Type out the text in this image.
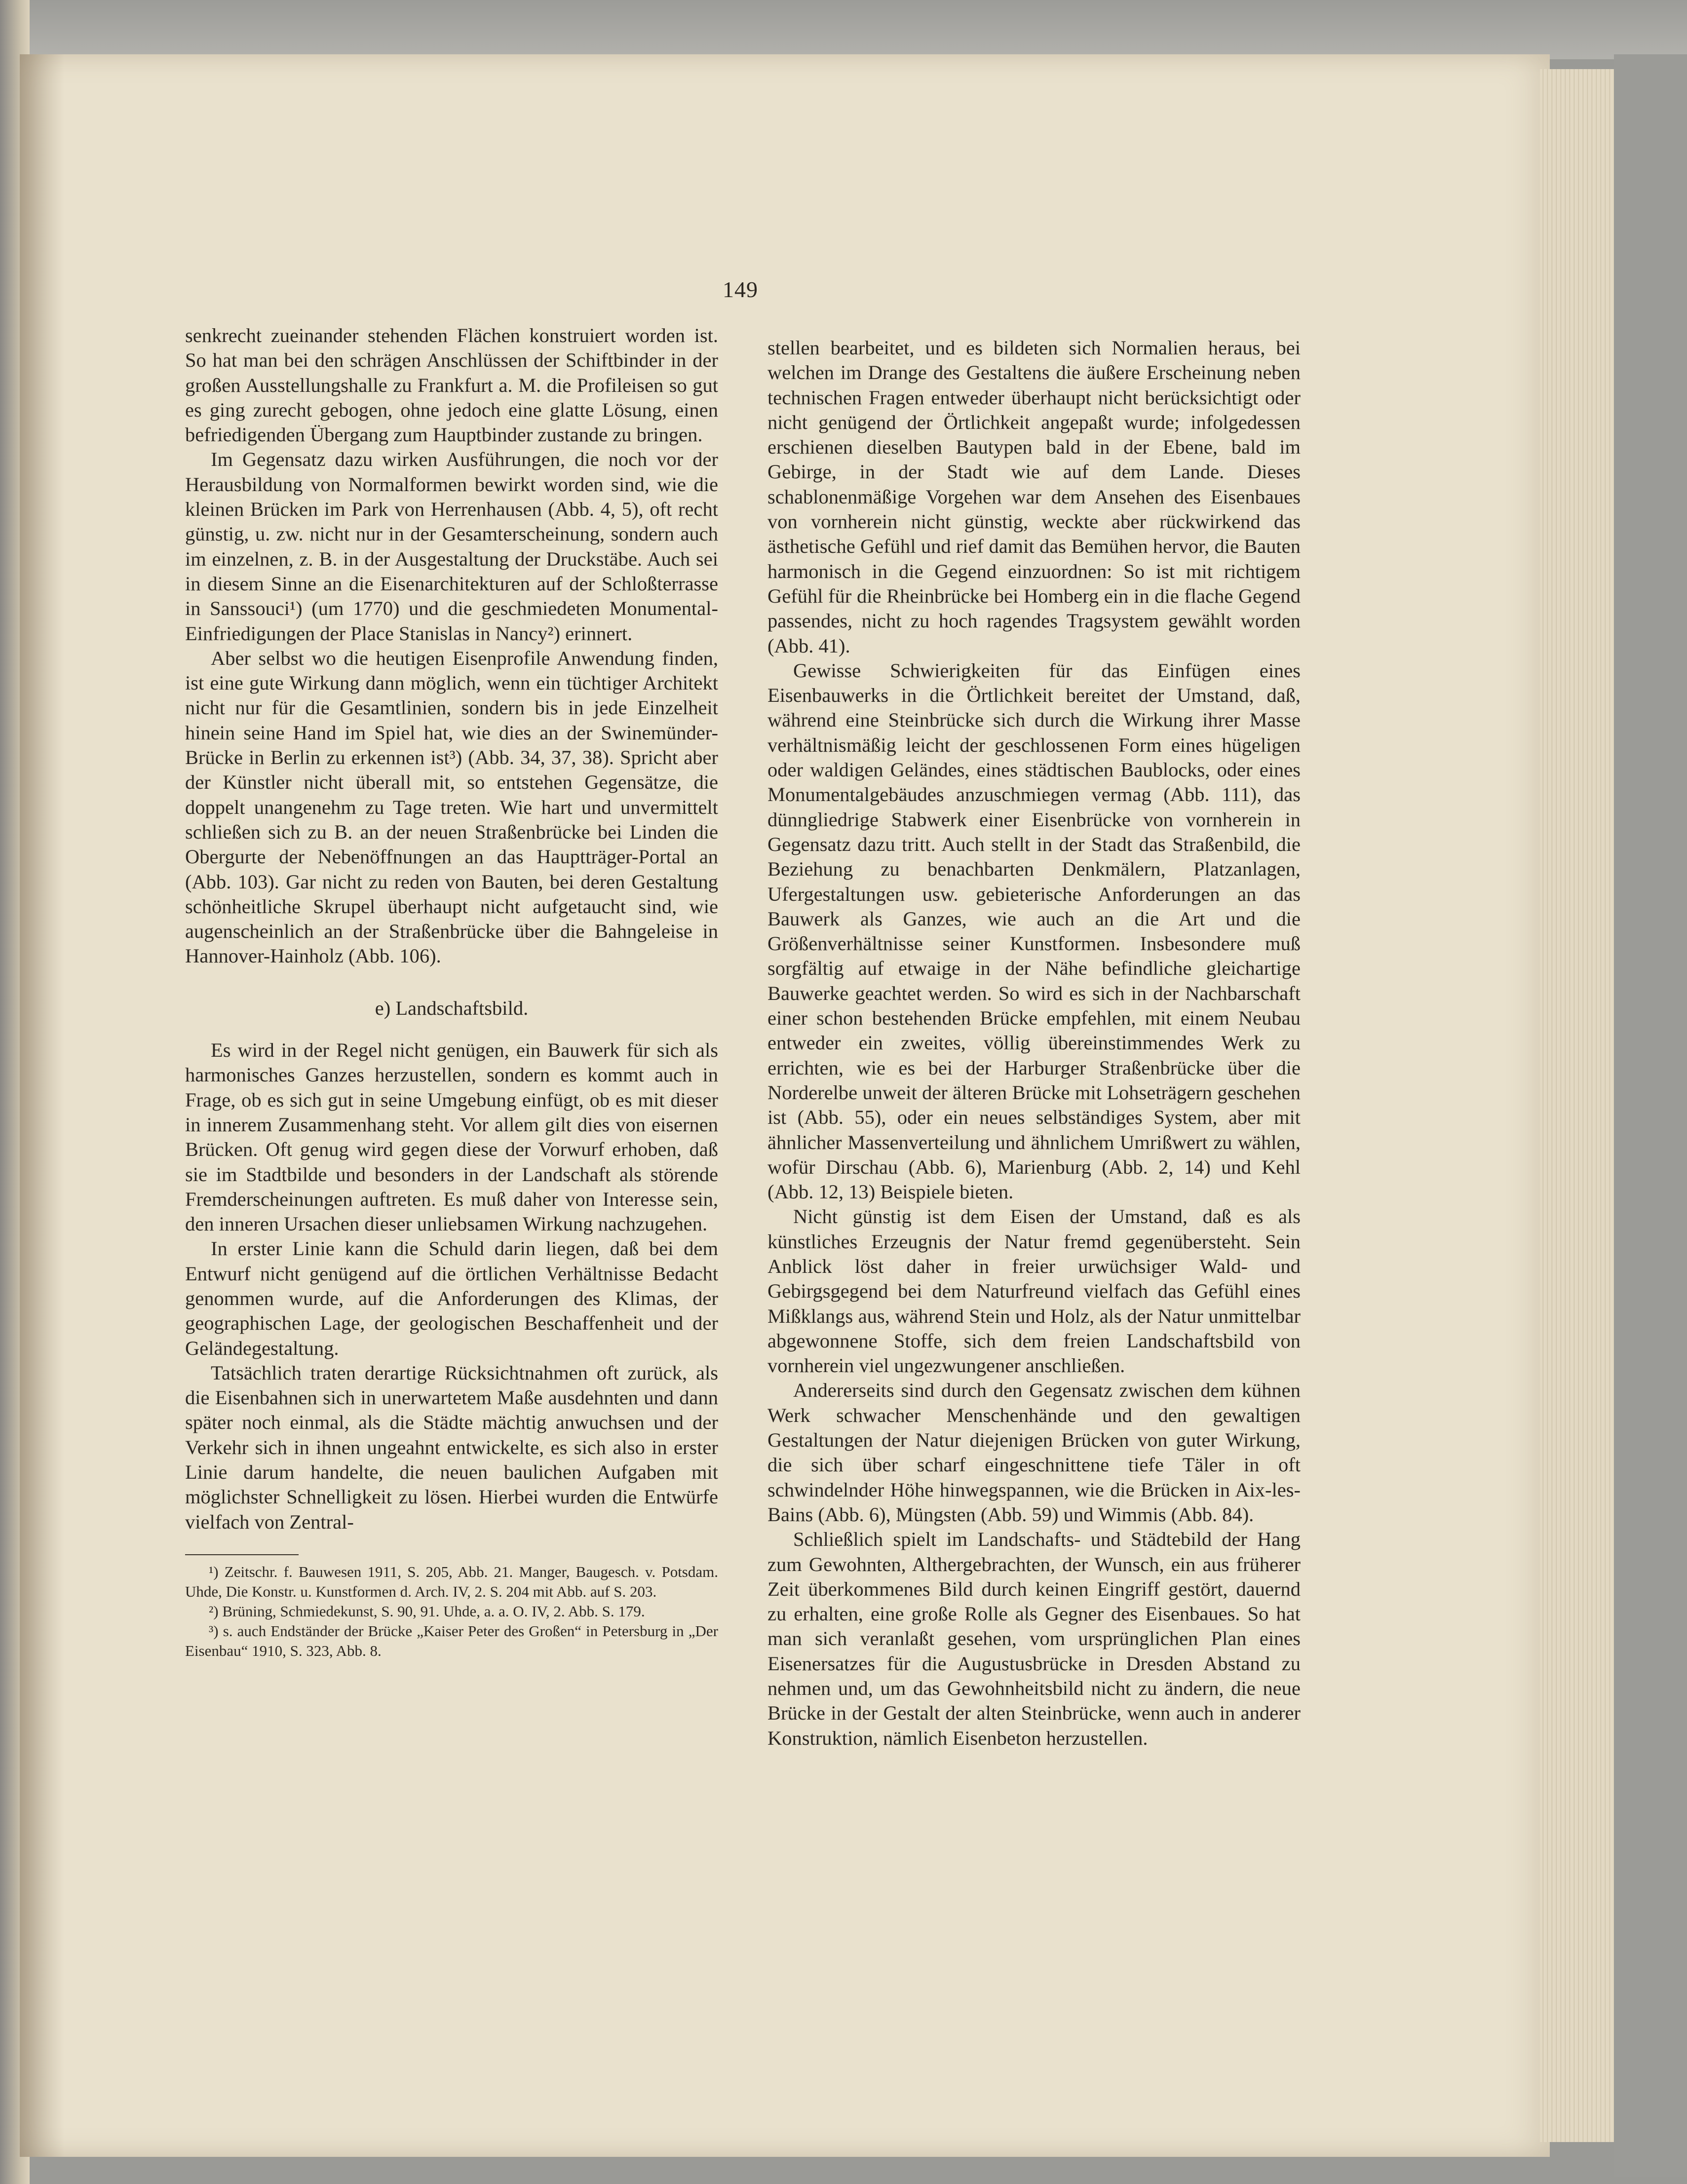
149

senkrecht zueinander stehenden Flächen konstruiert worden ist. So hat man bei den schrägen Anschlüssen der Schiftbinder in der großen Ausstellungshalle zu Frankfurt a. M. die Profileisen so gut es ging zurecht gebogen, ohne jedoch eine glatte Lösung, einen befriedigenden Übergang zum Hauptbinder zustande zu bringen.

Im Gegensatz dazu wirken Ausführungen, die noch vor der Herausbildung von Normalformen bewirkt worden sind, wie die kleinen Brücken im Park von Herrenhausen (Abb. 4, 5), oft recht günstig, u. zw. nicht nur in der Gesamterscheinung, sondern auch im einzelnen, z. B. in der Ausgestaltung der Druckstäbe. Auch sei in diesem Sinne an die Eisenarchitekturen auf der Schloßterrasse in Sanssouci¹) (um 1770) und die geschmiedeten Monumental-Einfriedigungen der Place Stanislas in Nancy²) erinnert.

Aber selbst wo die heutigen Eisenprofile Anwendung finden, ist eine gute Wirkung dann möglich, wenn ein tüchtiger Architekt nicht nur für die Gesamtlinien, sondern bis in jede Einzelheit hinein seine Hand im Spiel hat, wie dies an der Swinemünder-Brücke in Berlin zu erkennen ist³) (Abb. 34, 37, 38). Spricht aber der Künstler nicht überall mit, so entstehen Gegensätze, die doppelt unangenehm zu Tage treten. Wie hart und unvermittelt schließen sich zu B. an der neuen Straßenbrücke bei Linden die Obergurte der Nebenöffnungen an das Hauptträger-Portal an (Abb. 103). Gar nicht zu reden von Bauten, bei deren Gestaltung schönheitliche Skrupel überhaupt nicht aufgetaucht sind, wie augenscheinlich an der Straßenbrücke über die Bahngeleise in Hannover-Hainholz (Abb. 106).

e) Landschaftsbild.

Es wird in der Regel nicht genügen, ein Bauwerk für sich als harmonisches Ganzes herzustellen, sondern es kommt auch in Frage, ob es sich gut in seine Umgebung einfügt, ob es mit dieser in innerem Zusammenhang steht. Vor allem gilt dies von eisernen Brücken. Oft genug wird gegen diese der Vorwurf erhoben, daß sie im Stadtbilde und besonders in der Landschaft als störende Fremderscheinungen auftreten. Es muß daher von Interesse sein, den inneren Ursachen dieser unliebsamen Wirkung nachzugehen.

In erster Linie kann die Schuld darin liegen, daß bei dem Entwurf nicht genügend auf die örtlichen Verhältnisse Bedacht genommen wurde, auf die Anforderungen des Klimas, der geographischen Lage, der geologischen Beschaffenheit und der Geländegestaltung.

Tatsächlich traten derartige Rücksichtnahmen oft zurück, als die Eisenbahnen sich in unerwartetem Maße ausdehnten und dann später noch einmal, als die Städte mächtig anwuchsen und der Verkehr sich in ihnen ungeahnt entwickelte, es sich also in erster Linie darum handelte, die neuen baulichen Aufgaben mit möglichster Schnelligkeit zu lösen. Hierbei wurden die Entwürfe vielfach von Zentral-

¹) Zeitschr. f. Bauwesen 1911, S. 205, Abb. 21. Manger, Baugesch. v. Potsdam. Uhde, Die Konstr. u. Kunstformen d. Arch. IV, 2. S. 204 mit Abb. auf S. 203.

²) Brüning, Schmiedekunst, S. 90, 91. Uhde, a. a. O. IV, 2. Abb. S. 179.

³) s. auch Endständer der Brücke „Kaiser Peter des Großen“ in Petersburg in „Der Eisenbau“ 1910, S. 323, Abb. 8.

stellen bearbeitet, und es bildeten sich Normalien heraus, bei welchen im Drange des Gestaltens die äußere Erscheinung neben technischen Fragen entweder überhaupt nicht berücksichtigt oder nicht genügend der Örtlichkeit angepaßt wurde; infolgedessen erschienen dieselben Bautypen bald in der Ebene, bald im Gebirge, in der Stadt wie auf dem Lande. Dieses schablonenmäßige Vorgehen war dem Ansehen des Eisenbaues von vornherein nicht günstig, weckte aber rückwirkend das ästhetische Gefühl und rief damit das Bemühen hervor, die Bauten harmonisch in die Gegend einzuordnen: So ist mit richtigem Gefühl für die Rheinbrücke bei Homberg ein in die flache Gegend passendes, nicht zu hoch ragendes Tragsystem gewählt worden (Abb. 41).

Gewisse Schwierigkeiten für das Einfügen eines Eisenbauwerks in die Örtlichkeit bereitet der Umstand, daß, während eine Steinbrücke sich durch die Wirkung ihrer Masse verhältnismäßig leicht der geschlossenen Form eines hügeligen oder waldigen Geländes, eines städtischen Baublocks, oder eines Monumentalgebäudes anzuschmiegen vermag (Abb. 111), das dünngliedrige Stabwerk einer Eisenbrücke von vornherein in Gegensatz dazu tritt. Auch stellt in der Stadt das Straßenbild, die Beziehung zu benachbarten Denkmälern, Platzanlagen, Ufergestaltungen usw. gebieterische Anforderungen an das Bauwerk als Ganzes, wie auch an die Art und die Größenverhältnisse seiner Kunstformen. Insbesondere muß sorgfältig auf etwaige in der Nähe befindliche gleichartige Bauwerke geachtet werden. So wird es sich in der Nachbarschaft einer schon bestehenden Brücke empfehlen, mit einem Neubau entweder ein zweites, völlig übereinstimmendes Werk zu errichten, wie es bei der Harburger Straßenbrücke über die Norderelbe unweit der älteren Brücke mit Lohseträgern geschehen ist (Abb. 55), oder ein neues selbständiges System, aber mit ähnlicher Massenverteilung und ähnlichem Umrißwert zu wählen, wofür Dirschau (Abb. 6), Marienburg (Abb. 2, 14) und Kehl (Abb. 12, 13) Beispiele bieten.

Nicht günstig ist dem Eisen der Umstand, daß es als künstliches Erzeugnis der Natur fremd gegenübersteht. Sein Anblick löst daher in freier urwüchsiger Wald- und Gebirgsgegend bei dem Naturfreund vielfach das Gefühl eines Mißklangs aus, während Stein und Holz, als der Natur unmittelbar abgewonnene Stoffe, sich dem freien Landschaftsbild von vornherein viel ungezwungener anschließen.

Andererseits sind durch den Gegensatz zwischen dem kühnen Werk schwacher Menschenhände und den gewaltigen Gestaltungen der Natur diejenigen Brücken von guter Wirkung, die sich über scharf eingeschnittene tiefe Täler in oft schwindelnder Höhe hinwegspannen, wie die Brücken in Aix-les-Bains (Abb. 6), Müngsten (Abb. 59) und Wimmis (Abb. 84).

Schließlich spielt im Landschafts- und Städtebild der Hang zum Gewohnten, Althergebrachten, der Wunsch, ein aus früherer Zeit überkommenes Bild durch keinen Eingriff gestört, dauernd zu erhalten, eine große Rolle als Gegner des Eisenbaues. So hat man sich veranlaßt gesehen, vom ursprünglichen Plan eines Eisenersatzes für die Augustusbrücke in Dresden Abstand zu nehmen und, um das Gewohnheitsbild nicht zu ändern, die neue Brücke in der Gestalt der alten Steinbrücke, wenn auch in anderer Konstruktion, nämlich Eisenbeton herzustellen.
